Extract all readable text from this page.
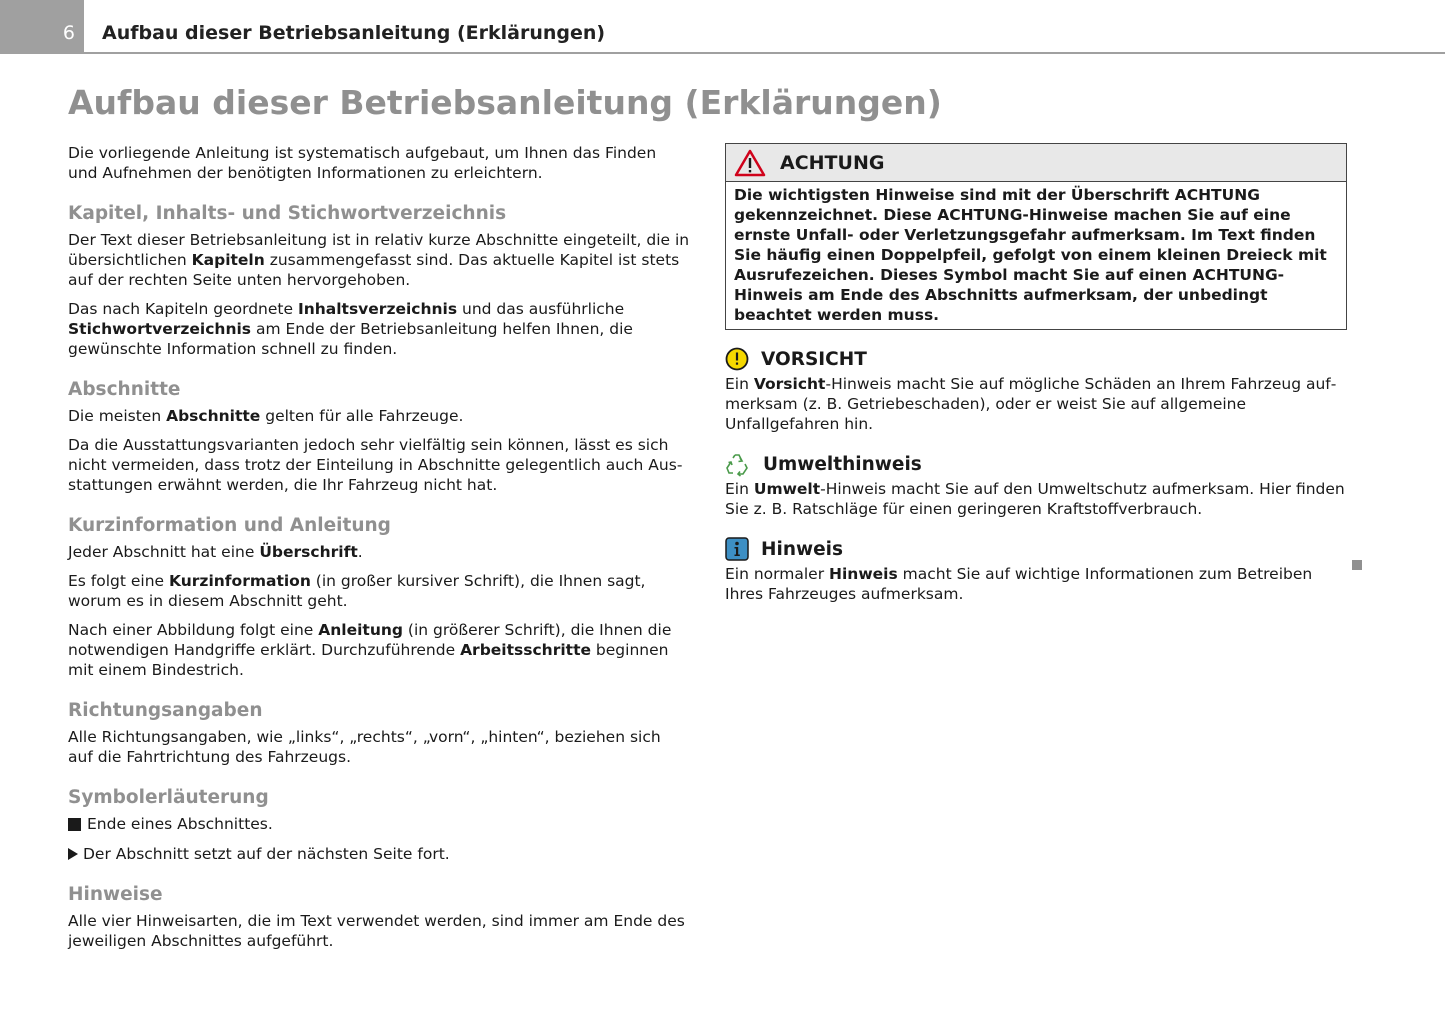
6	Aufbau dieser Betriebsanleitung (Erklärungen)
Aufbau dieser Betriebsanleitung (Erklärungen)

Die vorliegende Anleitung ist systematisch aufgebaut, um Ihnen das Finden und Aufnehmen der benötigten Informationen zu erleichtern.

Kapitel, Inhalts- und Stichwortverzeichnis

Der Text dieser Betriebsanleitung ist in relativ kurze Abschnitte eingeteilt, die in übersichtlichen Kapiteln zusammengefasst sind. Das aktuelle Kapitel ist stets auf der rechten Seite unten hervorgehoben.

Das nach Kapiteln geordnete Inhaltsverzeichnis und das ausführliche Stichwortverzeichnis am Ende der Betriebsanleitung helfen Ihnen, die gewünschte Information schnell zu finden.

Abschnitte

Die meisten Abschnitte gelten für alle Fahrzeuge.

Da die Ausstattungsvarianten jedoch sehr vielfältig sein können, lässt es sich nicht vermeiden, dass trotz der Einteilung in Abschnitte gelegentlich auch Ausstattungen erwähnt werden, die Ihr Fahrzeug nicht hat.

Kurzinformation und Anleitung

Jeder Abschnitt hat eine Überschrift.

Es folgt eine Kurzinformation (in großer kursiver Schrift), die Ihnen sagt, worum es in diesem Abschnitt geht.

Nach einer Abbildung folgt eine Anleitung (in größerer Schrift), die Ihnen die notwendigen Handgriffe erklärt. Durchzuführende Arbeitsschritte beginnen mit einem Bindestrich.

Richtungsangaben

Alle Richtungsangaben, wie „links“, „rechts“, „vorn“, „hinten“, beziehen sich auf die Fahrtrichtung des Fahrzeugs.

Symbolerläuterung
Ende eines Abschnittes.
Der Abschnitt setzt auf der nächsten Seite fort.
Hinweise

Alle vier Hinweisarten, die im Text verwendet werden, sind immer am Ende des jeweiligen Abschnittes aufgeführt.

ACHTUNG
Die wichtigsten Hinweise sind mit der Überschrift ACHTUNG gekennzeichnet. Diese ACHTUNG-Hinweise machen Sie auf eine ernste Unfall- oder Verletzungsgefahr aufmerksam. Im Text finden Sie häufig einen Doppelpfeil, gefolgt von einem kleinen Dreieck mit Ausrufezeichen. Dieses Symbol macht Sie auf einen ACHTUNG-Hinweis am Ende des Abschnitts aufmerksam, der unbedingt beachtet werden muss.
VORSICHT

Ein Vorsicht-Hinweis macht Sie auf mögliche Schäden an Ihrem Fahrzeug aufmerksam (z. B. Getriebeschaden), oder er weist Sie auf allgemeine Unfallgefahren hin.

Umwelthinweis

Ein Umwelt-Hinweis macht Sie auf den Umweltschutz aufmerksam. Hier finden Sie z. B. Ratschläge für einen geringeren Kraftstoffverbrauch.

Hinweis

Ein normaler Hinweis macht Sie auf wichtige Informationen zum Betreiben Ihres Fahrzeuges aufmerksam.
